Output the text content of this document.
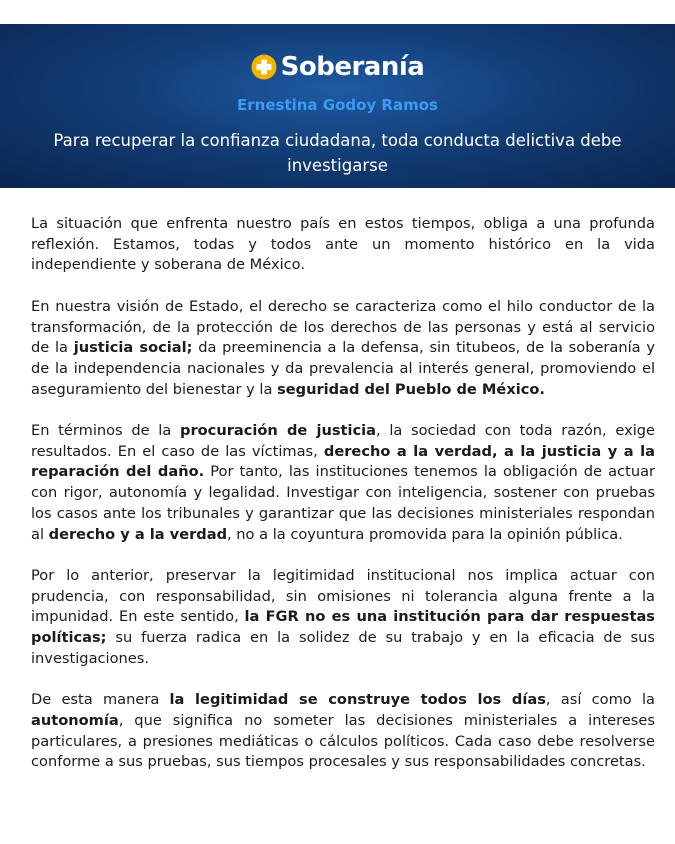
Soberanía
Ernestina Godoy Ramos
Para recuperar la confianza ciudadana, toda conducta delictiva debe investigarse

La situación que enfrenta nuestro país en estos tiempos, obliga a una profunda reflexión. Estamos, todas y todos ante un momento histórico en la vida independiente y soberana de México.

En nuestra visión de Estado, el derecho se caracteriza como el hilo conductor de la transformación, de la protección de los derechos de las personas y está al servicio de la justicia social; da preeminencia a la defensa, sin titubeos, de la soberanía y de la independencia nacionales y da prevalencia al interés general, promoviendo el aseguramiento del bienestar y la seguridad del Pueblo de México.

En términos de la procuración de justicia, la sociedad con toda razón, exige resultados. En el caso de las víctimas, derecho a la verdad, a la justicia y a la reparación del daño. Por tanto, las instituciones tenemos la obligación de actuar con rigor, autonomía y legalidad. Investigar con inteligencia, sostener con pruebas los casos ante los tribunales y garantizar que las decisiones ministeriales respondan al derecho y a la verdad, no a la coyuntura promovida para la opinión pública.

Por lo anterior, preservar la legitimidad institucional nos implica actuar con prudencia, con responsabilidad, sin omisiones ni tolerancia alguna frente a la impunidad. En este sentido, la FGR no es una institución para dar respuestas políticas; su fuerza radica en la solidez de su trabajo y en la eficacia de sus investigaciones.

De esta manera la legitimidad se construye todos los días, así como la autonomía, que significa no someter las decisiones ministeriales a intereses particulares, a presiones mediáticas o cálculos políticos. Cada caso debe resolverse conforme a sus pruebas, sus tiempos procesales y sus responsabilidades concretas.
